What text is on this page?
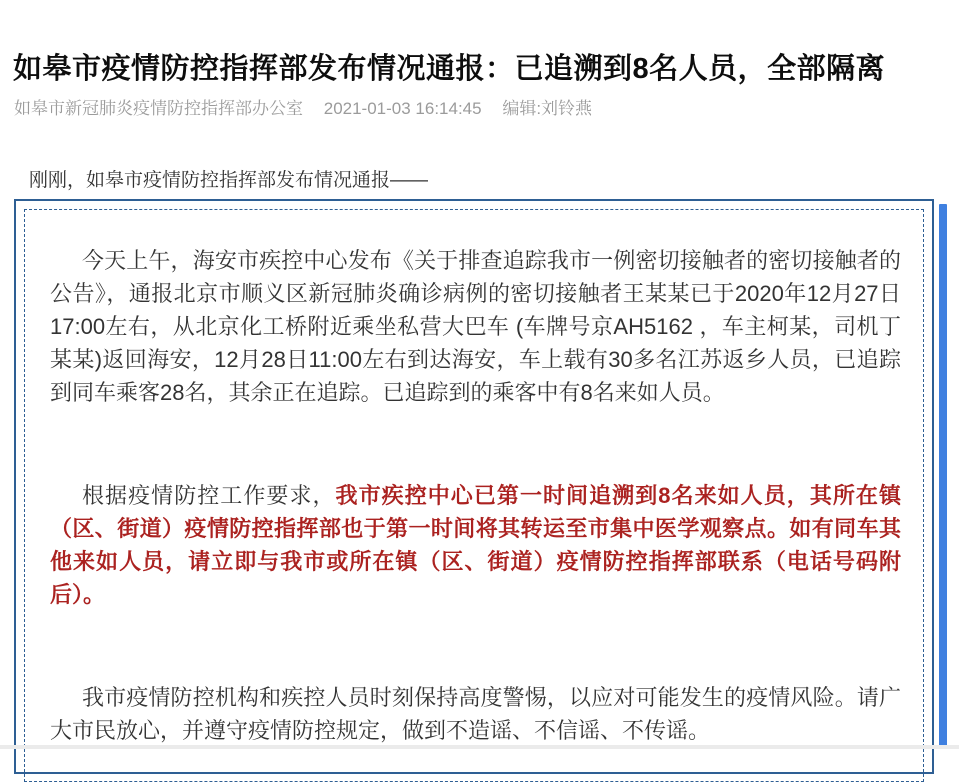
如皋市疫情防控指挥部发布情况通报：已追溯到8名人员，全部隔离
如皋市新冠肺炎疫情防控指挥部办公室 2021-01-03 16:14:45 编辑:刘铃燕

刚刚，如皋市疫情防控指挥部发布情况通报——

今天上午，海安市疾控中心发布《关于排查追踪我市一例密切接触者的密切接触者的公告》，通报北京市顺义区新冠肺炎确诊病例的密切接触者王某某已于2020年12月27日17:00左右，从北京化工桥附近乘坐私营大巴车 (车牌号京AH5162 ，车主柯某，司机丁某某)返回海安，12月28日11:00左右到达海安，车上载有30多名江苏返乡人员，已追踪到同车乘客28名，其余正在追踪。已追踪到的乘客中有8名来如人员。

根据疫情防控工作要求，我市疾控中心已第一时间追溯到8名来如人员，其所在镇（区、街道）疫情防控指挥部也于第一时间将其转运至市集中医学观察点。如有同车其他来如人员，请立即与我市或所在镇（区、街道）疫情防控指挥部联系（电话号码附后）。

我市疫情防控机构和疾控人员时刻保持高度警惕，以应对可能发生的疫情风险。请广大市民放心，并遵守疫情防控规定，做到不造谣、不信谣、不传谣。
